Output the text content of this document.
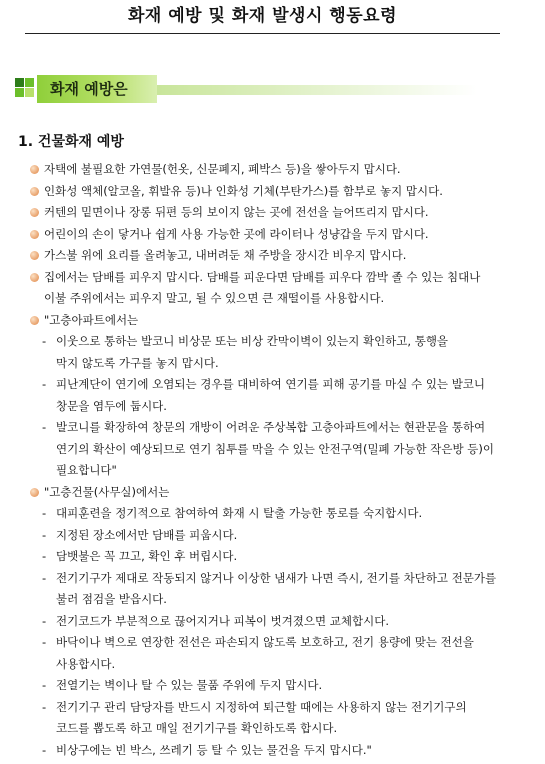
화재 예방 및 화재 발생시 행동요령
화재 예방은
1. 건물화재 예방
자택에 불필요한 가연물(헌옷, 신문폐지, 폐박스 등)을 쌓아두지 맙시다.
인화성 액체(알코올, 휘발유 등)나 인화성 기체(부탄가스)를 함부로 놓지 맙시다.
커텐의 밑면이나 장롱 뒤편 등의 보이지 않는 곳에 전선을 늘어뜨리지 맙시다.
어린이의 손이 닿거나 쉽게 사용 가능한 곳에 라이터나 성냥갑을 두지 맙시다.
가스불 위에 요리를 올려놓고, 내버려둔 채 주방을 장시간 비우지 맙시다.
집에서는 담배를 피우지 맙시다. 담배를 피운다면 담배를 피우다 깜박 졸 수 있는 침대나
이불 주위에서는 피우지 말고, 될 수 있으면 큰 재떨이를 사용합시다.
"고층아파트에서는
- 이웃으로 통하는 발코니 비상문 또는 비상 칸막이벽이 있는지 확인하고, 통행을
막지 않도록 가구를 놓지 맙시다.
- 피난계단이 연기에 오염되는 경우를 대비하여 연기를 피해 공기를 마실 수 있는 발코니
창문을 염두에 둡시다.
- 발코니를 확장하여 창문의 개방이 어려운 주상복합 고층아파트에서는 현관문을 통하여
연기의 확산이 예상되므로 연기 침투를 막을 수 있는 안전구역(밀폐 가능한 작은방 등)이
필요합니다"
"고층건물(사무실)에서는
- 대피훈련을 정기적으로 참여하여 화재 시 탈출 가능한 통로를 숙지합시다.
- 지정된 장소에서만 담배를 피웁시다.
- 담뱃불은 꼭 끄고, 확인 후 버립시다.
- 전기기구가 제대로 작동되지 않거나 이상한 냄새가 나면 즉시, 전기를 차단하고 전문가를
불러 점검을 받읍시다.
- 전기코드가 부분적으로 끊어지거나 피복이 벗겨졌으면 교체합시다.
- 바닥이나 벽으로 연장한 전선은 파손되지 않도록 보호하고, 전기 용량에 맞는 전선을
사용합시다.
- 전열기는 벽이나 탈 수 있는 물품 주위에 두지 맙시다.
- 전기기구 관리 담당자를 반드시 지정하여 퇴근할 때에는 사용하지 않는 전기기구의
코드를 뽑도록 하고 매일 전기기구를 확인하도록 합시다.
- 비상구에는 빈 박스, 쓰레기 등 탈 수 있는 물건을 두지 맙시다."
